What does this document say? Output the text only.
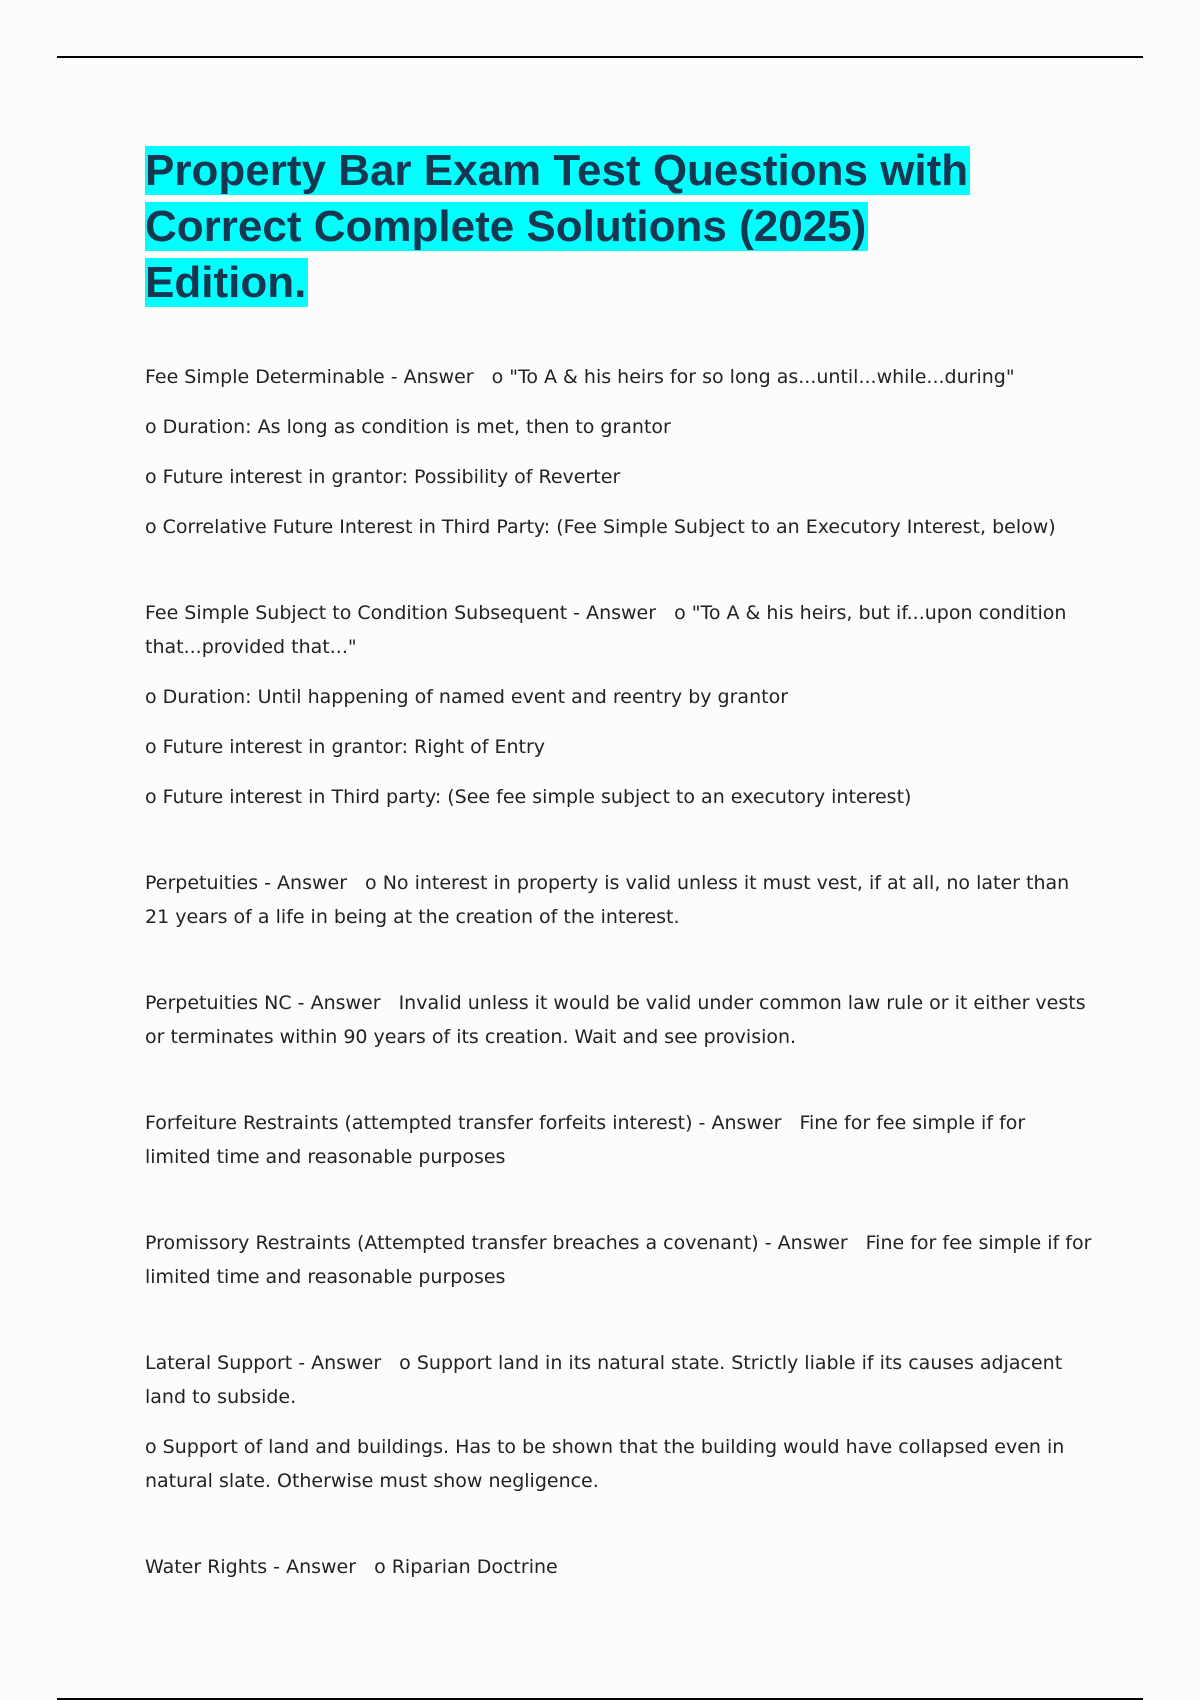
Property Bar Exam Test Questions with Correct Complete Solutions (2025) Edition.

Fee Simple Determinable - Answer o "To A & his heirs for so long as...until...while...during"

o Duration: As long as condition is met, then to grantor

o Future interest in grantor: Possibility of Reverter

o Correlative Future Interest in Third Party: (Fee Simple Subject to an Executory Interest, below)

Fee Simple Subject to Condition Subsequent - Answer o "To A & his heirs, but if...upon condition that...provided that..."

o Duration: Until happening of named event and reentry by grantor

o Future interest in grantor: Right of Entry

o Future interest in Third party: (See fee simple subject to an executory interest)

Perpetuities - Answer o No interest in property is valid unless it must vest, if at all, no later than 21 years of a life in being at the creation of the interest.

Perpetuities NC - Answer Invalid unless it would be valid under common law rule or it either vests or terminates within 90 years of its creation. Wait and see provision.

Forfeiture Restraints (attempted transfer forfeits interest) - Answer Fine for fee simple if for limited time and reasonable purposes

Promissory Restraints (Attempted transfer breaches a covenant) - Answer Fine for fee simple if for limited time and reasonable purposes

Lateral Support - Answer o Support land in its natural state. Strictly liable if its causes adjacent land to subside.

o Support of land and buildings. Has to be shown that the building would have collapsed even in natural slate. Otherwise must show negligence.

Water Rights - Answer o Riparian Doctrine
